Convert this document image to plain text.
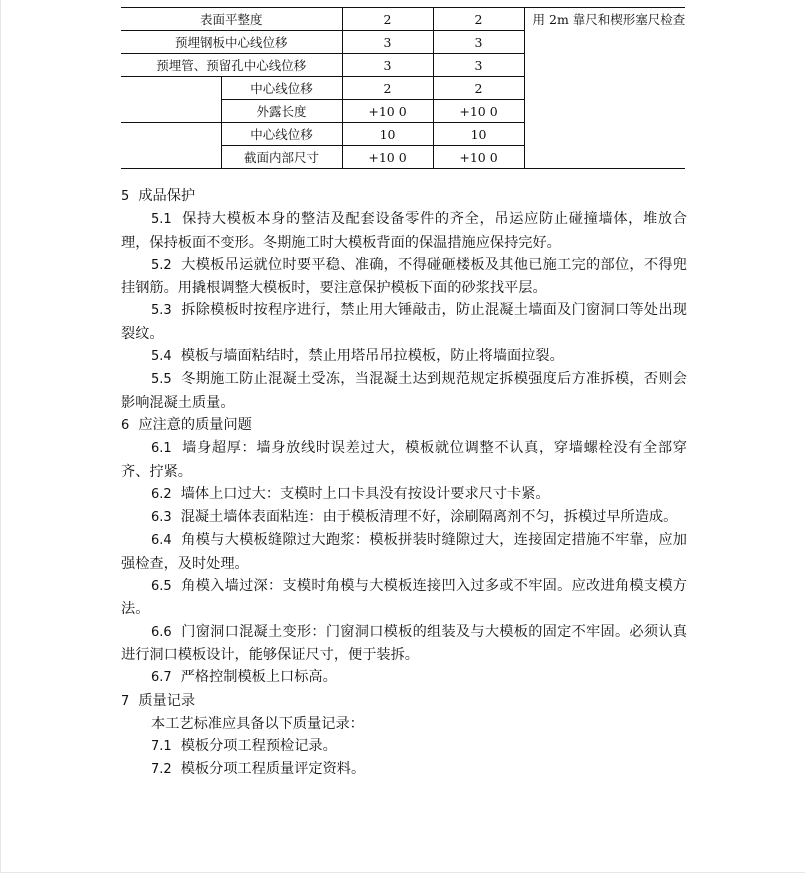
表面平整度		2	2	用 2m 靠尺和楔形塞尺检查
预埋钢板中心线位移		3	3	
预埋管、预留孔中心线位移		3	3	
	中心线位移	2	2	
	外露长度	+10 0	+10 0	
	中心线位移	10	10	
	截面内部尺寸	+10 0	+10 0	

5 成品保护

5.1 保持大模板本身的整洁及配套设备零件的齐全，吊运应防止碰撞墙体，堆放合理，保持板面不变形。冬期施工时大模板背面的保温措施应保持完好。

5.2 大模板吊运就位时要平稳、准确，不得碰砸楼板及其他已施工完的部位，不得兜挂钢筋。用撬根调整大模板时，要注意保护模板下面的砂浆找平层。

5.3 拆除模板时按程序进行，禁止用大锤敲击，防止混凝土墙面及门窗洞口等处出现裂纹。

5.4 模板与墙面粘结时，禁止用塔吊吊拉模板，防止将墙面拉裂。

5.5 冬期施工防止混凝土受冻，当混凝土达到规范规定拆模强度后方准拆模，否则会影响混凝土质量。

6 应注意的质量问题

6.1 墙身超厚：墙身放线时误差过大，模板就位调整不认真，穿墙螺栓没有全部穿齐、拧紧。

6.2 墙体上口过大：支模时上口卡具没有按设计要求尺寸卡紧。

6.3 混凝土墙体表面粘连：由于模板清理不好，涂刷隔离剂不匀，拆模过早所造成。

6.4 角模与大模板缝隙过大跑浆：模板拼装时缝隙过大，连接固定措施不牢靠，应加强检查，及时处理。

6.5 角模入墙过深：支模时角模与大模板连接凹入过多或不牢固。应改进角模支模方法。

6.6 门窗洞口混凝土变形：门窗洞口模板的组装及与大模板的固定不牢固。必须认真进行洞口模板设计，能够保证尺寸，便于装拆。

6.7 严格控制模板上口标高。

7 质量记录

本工艺标准应具备以下质量记录：

7.1 模板分项工程预检记录。

7.2 模板分项工程质量评定资料。
